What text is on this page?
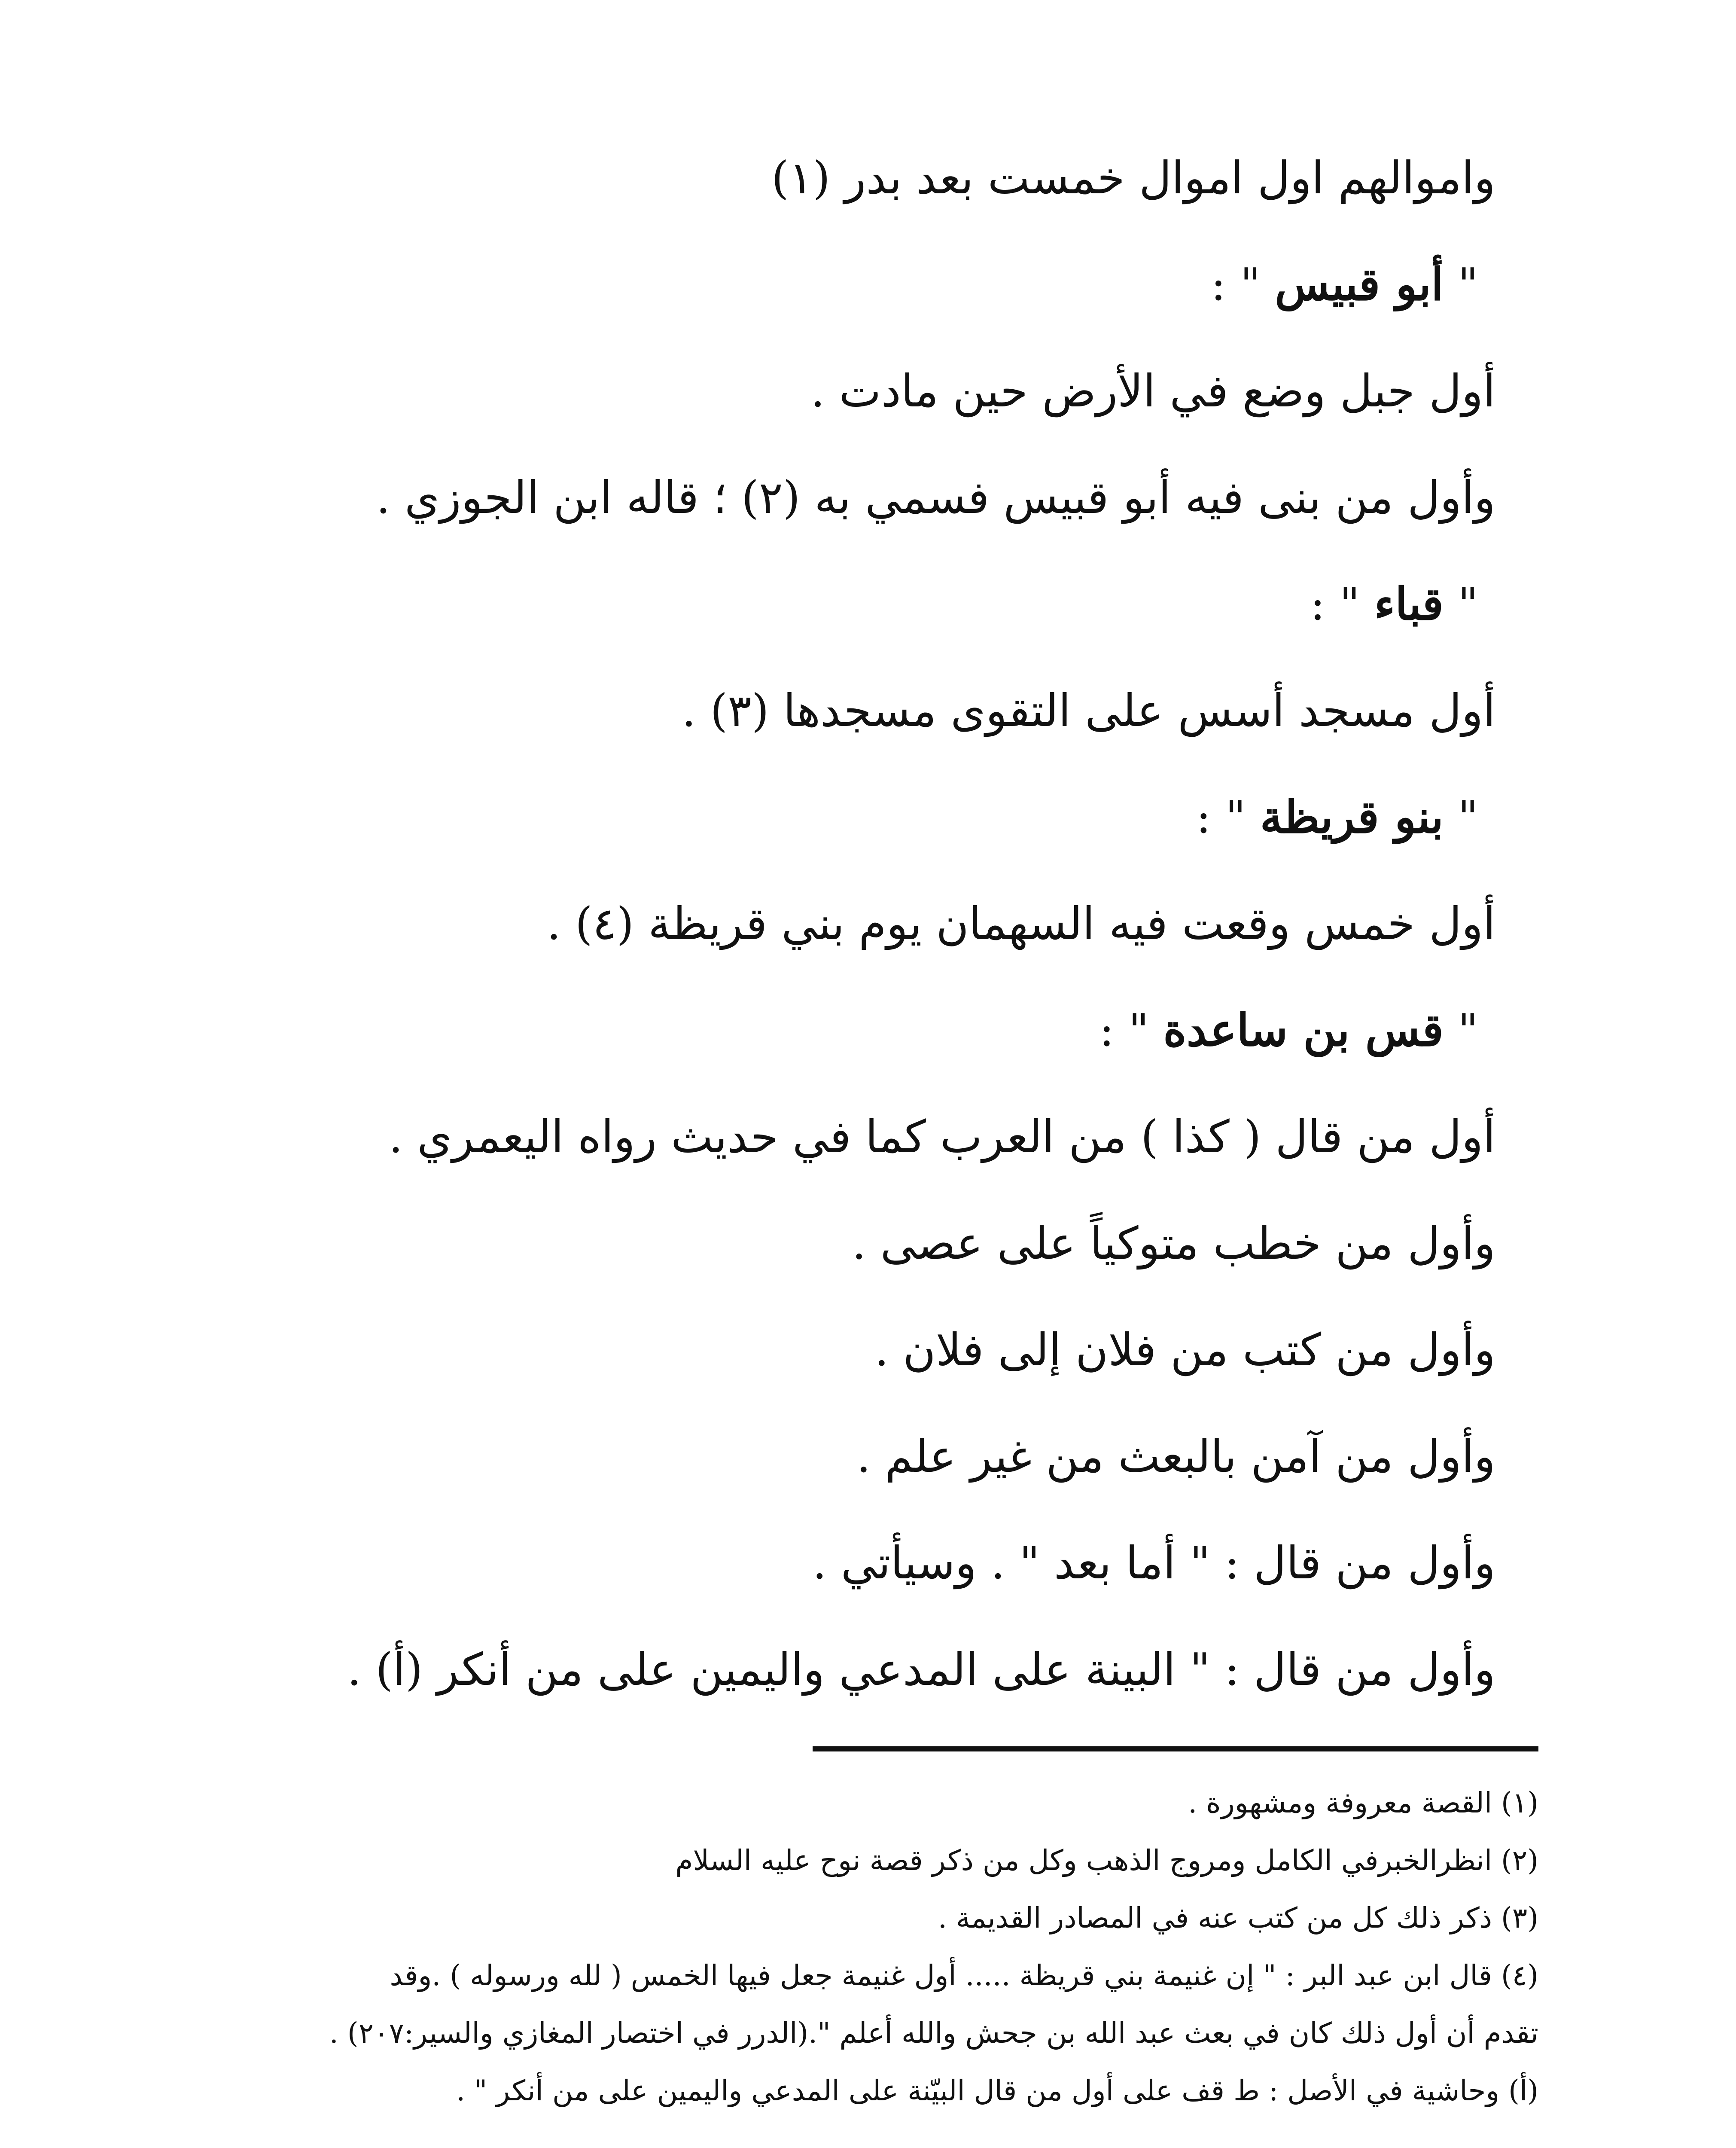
واموالهم اول اموال خمست بعد بدر (١)
" أبو قبيس " :
أول جبل وضع في الأرض حين مادت .
وأول من بنى فيه أبو قبيس فسمي به (٢) ؛ قاله ابن الجوزي .
" قباء " :
أول مسجد أسس على التقوى مسجدها (٣) .
" بنو قريظة " :
أول خمس وقعت فيه السهمان يوم بني قريظة (٤) .
" قس بن ساعدة " :
أول من قال ( كذا ) من العرب كما في حديث رواه اليعمري .
وأول من خطب متوكياً على عصى .
وأول من كتب من فلان إلى فلان .
وأول من آمن بالبعث من غير علم .
وأول من قال : " أما بعد " . وسيأتي .
وأول من قال : " البينة على المدعي واليمين على من أنكر (أ) .
(١) القصة معروفة ومشهورة .
(٢) انظرالخبرفي الكامل ومروج الذهب وكل من ذكر قصة نوح عليه السلام
(٣) ذكر ذلك كل من كتب عنه في المصادر القديمة .
(٤) قال ابن عبد البر : " إن غنيمة بني قريظة ..... أول غنيمة جعل فيها الخمس ( لله ورسوله ) .وقد
تقدم أن أول ذلك كان في بعث عبد الله بن جحش والله أعلم ".(الدرر في اختصار المغازي والسير:٢٠٧) .
(أ) وحاشية في الأصل : ط قف على أول من قال البيّنة على المدعي واليمين على من أنكر " .
